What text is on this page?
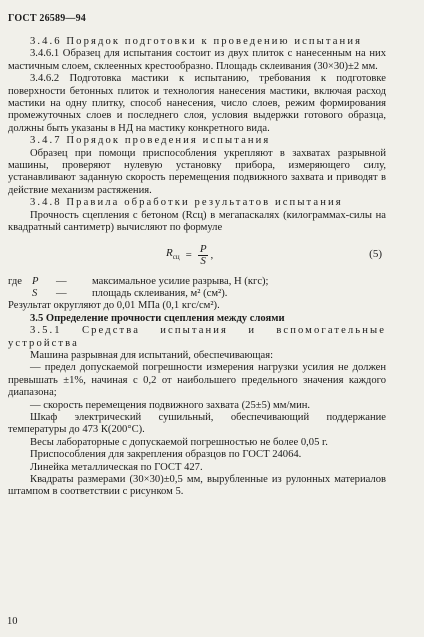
ГОСТ 26589—94

3.4.6 Порядок подготовки к проведению испытания

3.4.6.1 Образец для испытания состоит из двух плиток с нанесенным на них мастичным слоем, склеенных крестообразно. Площадь склеивания (30×30)±2 мм.

3.4.6.2 Подготовка мастики к испытанию, требования к подготовке поверхности бетонных плиток и технология нанесения мастики, включая расход мастики на одну плитку, способ нанесения, число слоев, режим формирования промежуточных слоев и последнего слоя, условия выдержки готового образца, должны быть указаны в НД на мастику конкретного вида.

3.4.7 Порядок проведения испытания

Образец при помощи приспособления укрепляют в захватах разрывной машины, проверяют нулевую установку прибора, измеряющего силу, устанавливают заданную скорость перемещения подвижного захвата и приводят в действие механизм растяжения.

3.4.8 Правила обработки результатов испытания

Прочность сцепления с бетоном (Rсц) в мегапаскалях (килограммах-силы на квадратный сантиметр) вычисляют по формуле

$R_{сц} = \frac{P}{S}$ ,	(5)
где P	—	максимальное усилие разрыва, Н (кгс);
S	—	площадь склеивания, м² (см²).

Результат округляют до 0,01 МПа (0,1 кгс/см²).

3.5 Определение прочности сцепления между слоями

3.5.1 Средства испытания и вспомогательные устройства

Машина разрывная для испытаний, обеспечивающая:

— предел допускаемой погрешности измерения нагрузки усилия не должен превышать ±1%, начиная с 0,2 от наибольшего предельного значения каждого диапазона;

— скорость перемещения подвижного захвата (25±5) мм/мин.

Шкаф электрический сушильный, обеспечивающий поддержание температуры до 473 К(200°С).

Весы лабораторные с допускаемой погрешностью не более 0,05 г.

Приспособления для закрепления образцов по ГОСТ 24064.

Линейка металлическая по ГОСТ 427.

Квадраты размерами (30×30)±0,5 мм, вырубленные из рулонных материалов штампом в соответствии с рисунком 5.

10
